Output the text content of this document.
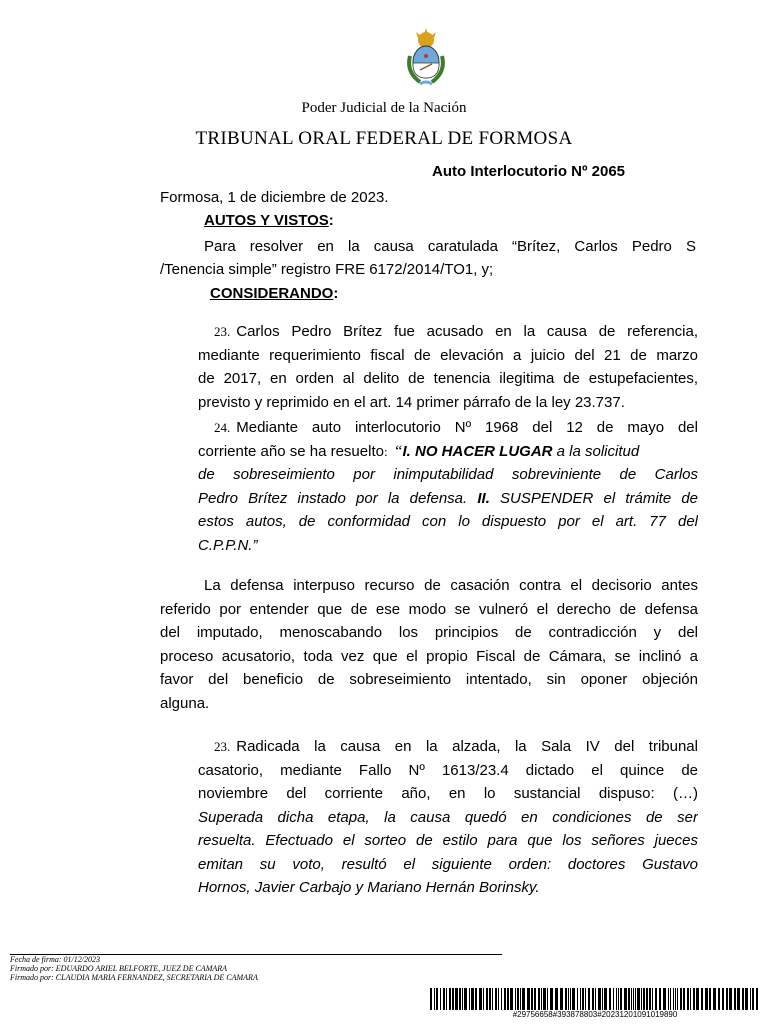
Poder Judicial de la Nación
TRIBUNAL ORAL FEDERAL DE FORMOSA
Auto Interlocutorio Nº 2065
Formosa, 1 de diciembre de 2023.
AUTOS Y VISTOS:
Para resolver en la causa caratulada “Brítez, Carlos Pedro S
/Tenencia simple” registro FRE 6172/2014/TO1, y;
CONSIDERANDO:
23. Carlos Pedro Brítez fue acusado en la causa de referencia,
mediante requerimiento fiscal de elevación a juicio del 21 de marzo
de 2017, en orden al delito de tenencia ilegitima de estupefacientes,
previsto y reprimido en el art. 14 primer párrafo de la ley 23.737.
24. Mediante auto interlocutorio Nº 1968 del 12 de mayo del
corriente año se ha resuelto: “I. NO HACER LUGAR a la solicitud
de sobreseimiento por inimputabilidad sobreviniente de Carlos
Pedro Brítez instado por la defensa. II. SUSPENDER el trámite de
estos autos, de conformidad con lo dispuesto por el art. 77 del
C.P.P.N.”
La defensa interpuso recurso de casación contra el decisorio antes
referido por entender que de ese modo se vulneró el derecho de defensa
del imputado, menoscabando los principios de contradicción y del
proceso acusatorio, toda vez que el propio Fiscal de Cámara, se inclinó a
favor del beneficio de sobreseimiento intentado, sin oponer objeción
alguna.
23. Radicada la causa en la alzada, la Sala IV del tribunal
casatorio, mediante Fallo Nº 1613/23.4 dictado el quince de
noviembre del corriente año, en lo sustancial dispuso: (…)
Superada dicha etapa, la causa quedó en condiciones de ser
resuelta. Efectuado el sorteo de estilo para que los señores jueces
emitan su voto, resultó el siguiente orden: doctores Gustavo
Hornos, Javier Carbajo y Mariano Hernán Borinsky.
Fecha de firma: 01/12/2023
Firmado por: EDUARDO ARIEL BELFORTE, JUEZ DE CAMARA
Firmado por: CLAUDIA MARIA FERNANDEZ, SECRETARIA DE CAMARA
#29756658#393878803#20231201091019890
